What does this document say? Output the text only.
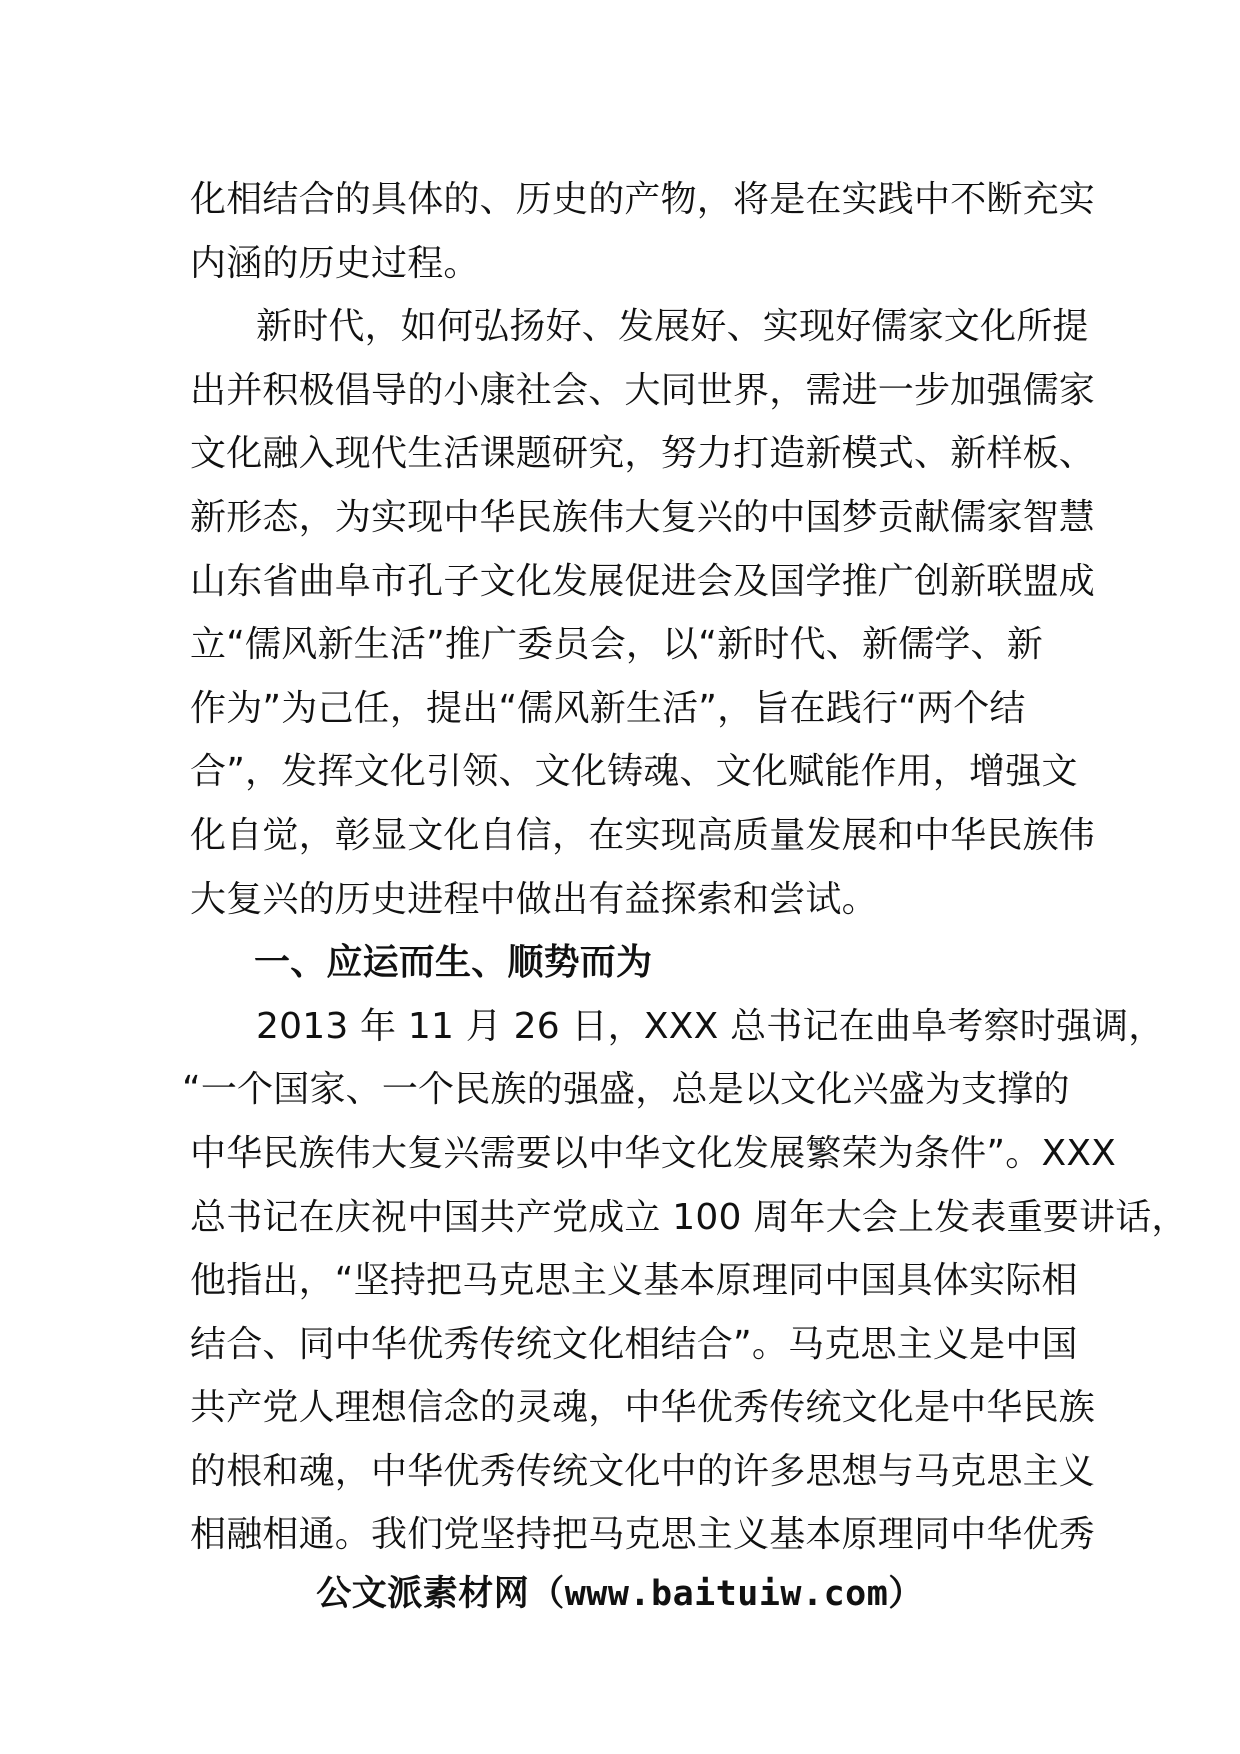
化相结合的具体的、历史的产物，将是在实践中不断充实
内涵的历史过程。
新时代，如何弘扬好、发展好、实现好儒家文化所提
出并积极倡导的小康社会、大同世界，需进一步加强儒家
文化融入现代生活课题研究，努力打造新模式、新样板、
新形态，为实现中华民族伟大复兴的中国梦贡献儒家智慧
山东省曲阜市孔子文化发展促进会及国学推广创新联盟成
立“儒风新生活”推广委员会，以“新时代、新儒学、新
作为”为己任，提出“儒风新生活”，旨在践行“两个结
合”，发挥文化引领、文化铸魂、文化赋能作用，增强文
化自觉，彰显文化自信，在实现高质量发展和中华民族伟
大复兴的历史进程中做出有益探索和尝试。
一、应运而生、顺势而为
2013 年 11 月 26 日，XXX 总书记在曲阜考察时强调，
“一个国家、一个民族的强盛，总是以文化兴盛为支撑的
中华民族伟大复兴需要以中华文化发展繁荣为条件”。XXX
总书记在庆祝中国共产党成立 100 周年大会上发表重要讲话，
他指出，“坚持把马克思主义基本原理同中国具体实际相
结合、同中华优秀传统文化相结合”。马克思主义是中国
共产党人理想信念的灵魂，中华优秀传统文化是中华民族
的根和魂，中华优秀传统文化中的许多思想与马克思主义
相融相通。我们党坚持把马克思主义基本原理同中华优秀
公文派素材网（www.baituiw.com）
